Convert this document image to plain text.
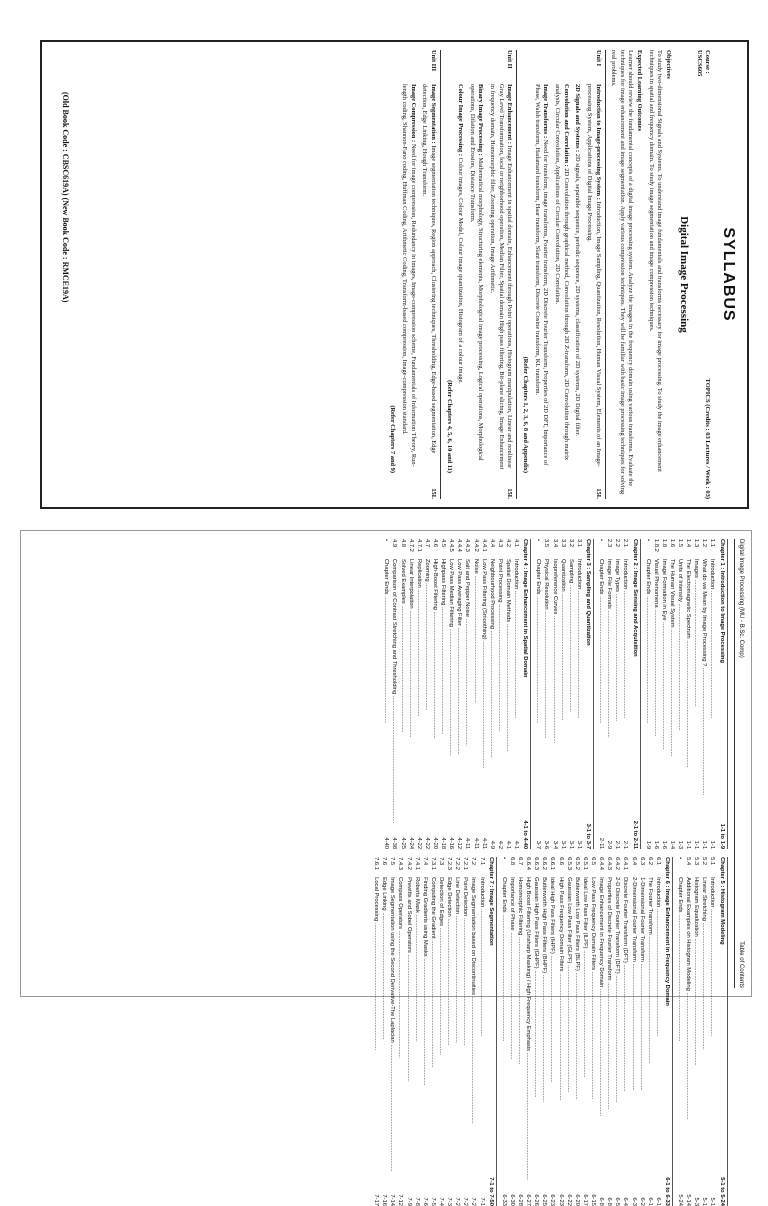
(Old Book Code : CBSC619A) (New Book Code : RMCE19A)	SYLLABUS
Course :
TOPICS (Credits : 03 Lectures / Week : 03)
USCS605
Digital Image Processing
Objectives
To study two-dimensional Signals and Systems. To understand image fundamentals and transforms necessary for image processing. To study the image enhancement techniques in spatial and frequency domain. To study image segmentation and image compression techniques.
Expected Learning Outcomes
Learner should review the fundamental concepts of a digital image processing system. Analyze the images in the frequency domain using various transforms. Evaluate the techniques for image enhancement and image segmentation. Apply various compression techniques. They will be familiar with basic image processing techniques for solving real problems.
Unit I
Introduction to Image-processing System : Introduction, Image Sampling, Quantization, Resolution, Human Visual System, Elements of an Image-processing System, Applications of Digital Image Processing.
2D Signals and Systems : 2D signals, separable sequence, periodic sequence, 2D systems, classification of 2D systems, 2D Digital filter.
Convolution and Correlation : 2D Convolution through graphical method, Convolution through 2D Z-transform, 2D Convolution through matrix analysis, Circular Convolution, Applications of Circular Convolution, 2D Correlation.
Image Transforms : Need for transform, image transforms, Fourier transform, 2D Discrete Fourier Transform, Properties of 2D DFT, Importance of Phase, Walsh transform, Hadamard transform, Haar transform, Slant transform, Discrete Cosine transform, KL transform.
(Refer Chapters 1, 2, 3, 6, 8 and Appendix)
15L
Unit II
Image Enhancement : Image Enhancement in spatial domain, Enhancement through Point operations, Histogram manipulation, Linear and nonlinear Gray Level Transformation, local or neighborhood operation, Median Filter, Spatial domain High pass filtering, Bit-plane slicing, Image Enhancement in frequency domain, Homomorphic filter, Zooming operation, Image Arithmetic.
Binary Image Processing : Mathematical morphology, Structuring elements, Morphological image processing, Logical operations, Morphological operations, Dilation and Erosion, Distance Transform.
Colour Image Processing : Colour images, Colour Model, Colour image quantization, Histogram of a colour image.
(Refer Chapters 4, 5, 6, 10 and 11)
15L
Unit III
Image Segmentation : Image segmentation techniques, Region approach, Clustering techniques, Thresholding, Edge-based segmentation, Edge detection, Edge Linking, Hough Transform.
Image Compression : Need for image compression, Redundancy in images, Image-compression scheme, Fundamentals of Information Theory, Run-length coding, Shannon-Fano coding, Huffman Coding, Arithmetic Coding, Transform-based compression, Image-compression standard.
(Refer Chapters 7 and 9)
15L
Digital Image Processing (MU - B.Sc. Comp)
Table of Contents
Chapter 1 : Introduction to Image Processing
1-1 to 1-9
1.1
Introduction .....
1-1
1.2
What do we Mean by Image Processing ? .....
1-1
1.3
Images .....
1-1
1.4
The Electromagnetic Spectrum .....
1-1
1.5
Units of Intensity .....
1-3
1.6
The Human Visual System .....
1-4
1.8
Image Formation in Eye .....
1-6
1.8.2
Visual Phenomena .....
1-6
•
Chapter Ends .....
1-9
Chapter 2 : Image Sensing and Acquisition
2-1 to 2-11
2.1
Introduction .....
2-1
2.2
Image Types .....
2-1
2.3
Image File Formats .....
2-9
•
Chapter Ends .....
2-11
Chapter 3 : Sampling and Quantization
3-1 to 3-7
3.1
Introduction .....
3-1
3.2
Sampling .....
3-1
3.3
Quantization .....
3-1
3.4
Isopreference Curves .....
3-4
3.5
Physical Resolution .....
3-6
•
Chapter Ends .....
3-7
Chapter 4 : Image Enhancement in Spatial Domain
4-1 to 4-40
4.1
Introduction .....
4-1
4.2
Spatial Domain Methods .....
4-1
4.3
Point Processing .....
4-2
4.4
Neighbourhood Processing .....
4-9
4.4.1
Low Pass Filtering (Smoothing) .....
4-11
4.4.2
Noise .....
4-11
4.4.3
Salt and Pepper Noise .....
4-11
4.4.4
Low Pass Averaging Filter .....
4-12
4.4.5
Low Pass Median Filtering .....
4-16
4.5
Highpass Filtering .....
4-18
4.6
High-Boost Filtering .....
4-20
4.7
Zooming .....
4-22
4.7.1
Replication .....
4-22
4.7.2
Linear Interpolation .....
4-24
4.8
Solved Examples .....
4-25
4.9
Comparison of Contrast Stretching and Thresholding .....
4-38
•
Chapter Ends .....
4-40
Chapter 5 : Histogram Modeling
5-1 to 5-24
5.1
Introduction .....
5-1
5.2
Linear Stretching .....
5-1
5.3
Histogram Equalization .....
5-3
5.4
Additional Examples on Histogram Modeling .....
5-14
•
Chapter Ends .....
5-24
Chapter 6 : Image Enhancement in Frequency Domain
6-1 to 6-33
6.1
Introduction .....
6-1
6.2
The Fourier Transform .....
6-1
6.3
1-Dimensional Fourier Transform .....
6-2
6.4
2-Dimensional Fourier Transform .....
6-3
6.4.1
Discrete Fourier Transform (DFT) .....
6-4
6.4.2
2-D Discrete Fourier Transform (DFT) .....
6-5
6.4.3
Properties of Discrete Fourier Transform .....
6-8
6.4.4
Image Enhancement in Frequency Domain .....
6-8
6.5
Low Pass Frequency Domain Filters .....
6-15
6.5.1
Ideal Low Pass Filter (ILPF) .....
6-17
6.5.2
Butterworth Low Pass Filters (BLPF) .....
6-20
6.5.3
Gaussian Low Pass Filter (GLPF) .....
6-22
6.6
High Pass Frequency Domain Filters .....
6-23
6.6.1
Ideal High Pass Filters (IHPF) .....
6-23
6.6.2
Butterworth High Pass Filters (BHPF) .....
6-25
6.6.3
Gaussian High Pass Filters (GHPF) .....
6-26
6.6.4
High Boost Filtering (Unsharp Masking) / High Frequency Emphasis .....
6-27
6.7
Homomorphic Filtering .....
6-28
6.8
Importance of Phase .....
6-30
•
Chapter Ends .....
6-33
Chapter 7 : Image Segmentation
7-1 to 7-50
7.1
Introduction .....
7-1
7.2
Image Segmentation based on Discontinuities .....
7-2
7.2.1
Point Detection .....
7-2
7.2.2
Line Detection .....
7-2
7.2.3
Edge Detection .....
7-3
7.3
Detection of Edges .....
7-4
7.3.1
Computing the Gradient .....
7-5
7.4
Finding Gradients using Masks .....
7-6
7.4.1
Roberts Mask .....
7-8
7.4.2
Prewitts and Sobel Operators .....
7-9
7.4.3
Compass Operators .....
7-12
7.5
Image Segmentation using the Second Derivative-The Laplacian .....
7-14
7.6
Edge Linking .....
7-16
7.6.1
Local Processing .....
7-17
